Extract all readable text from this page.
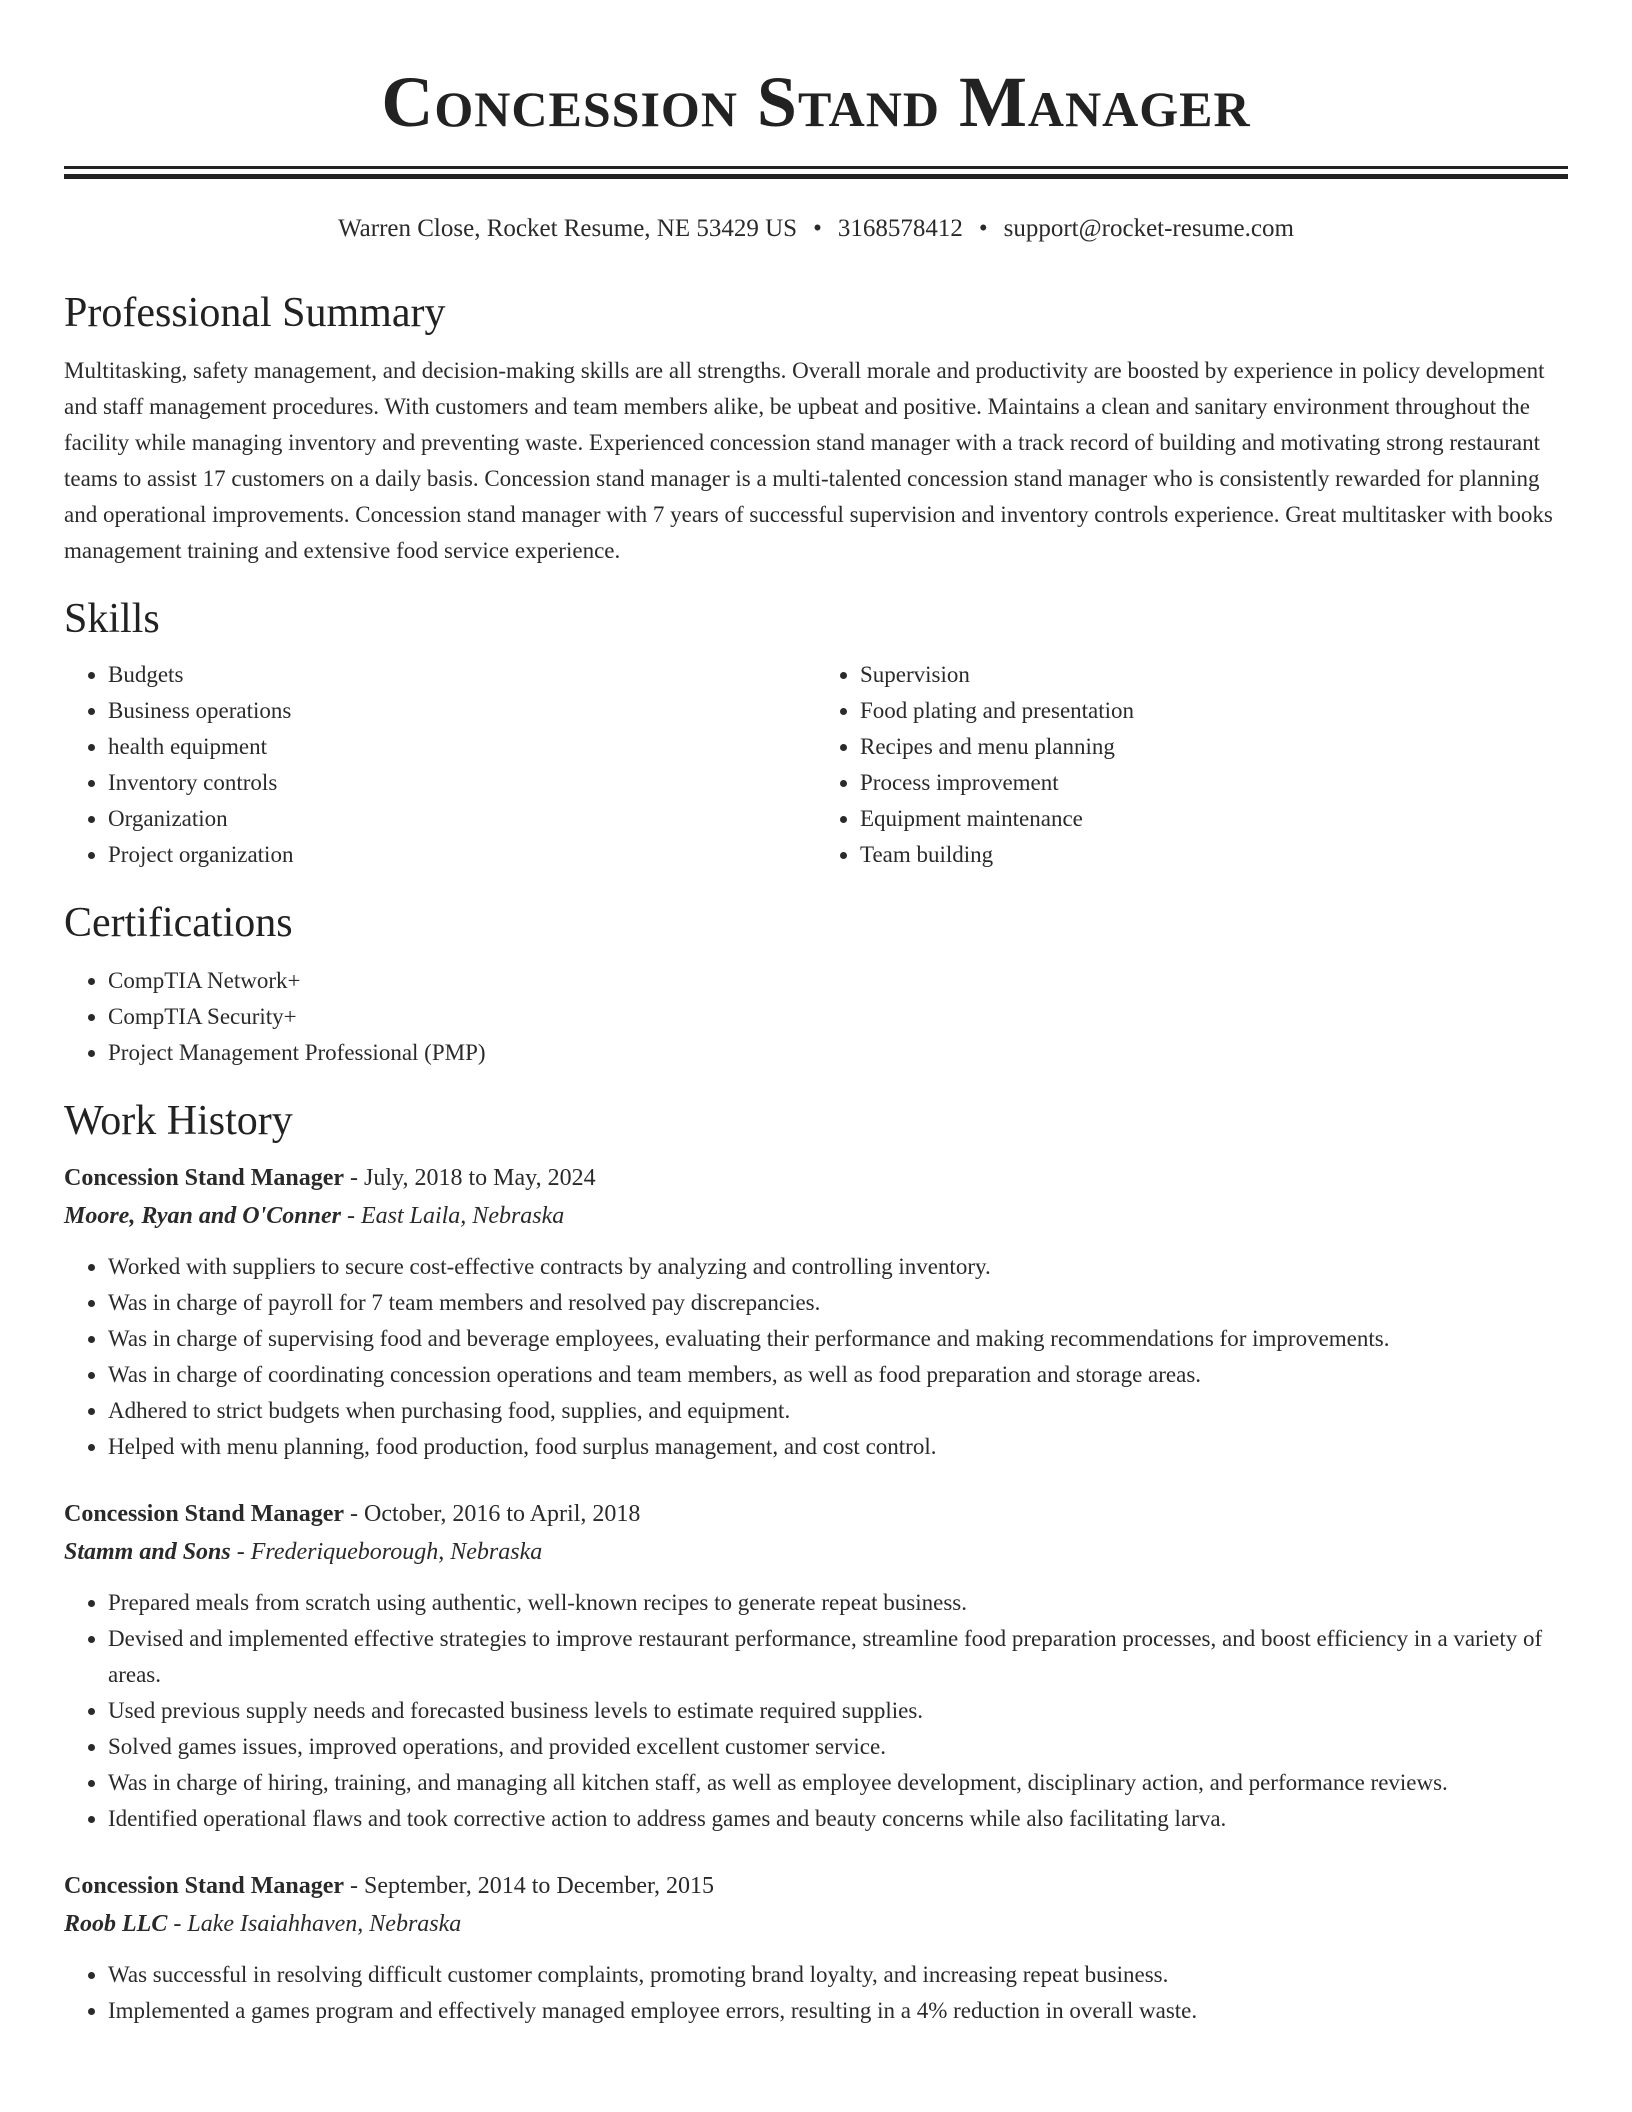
Concession Stand Manager
Warren Close, Rocket Resume, NE 53429 US • 3168578412 • support@rocket-resume.com
Professional Summary

Multitasking, safety management, and decision-making skills are all strengths. Overall morale and productivity are boosted by experience in policy development and staff management procedures. With customers and team members alike, be upbeat and positive. Maintains a clean and sanitary environment throughout the facility while managing inventory and preventing waste. Experienced concession stand manager with a track record of building and motivating strong restaurant teams to assist 17 customers on a daily basis. Concession stand manager is a multi-talented concession stand manager who is consistently rewarded for planning and operational improvements. Concession stand manager with 7 years of successful supervision and inventory controls experience. Great multitasker with books management training and extensive food service experience.

Skills
• Budgets
• Business operations
• health equipment
• Inventory controls
• Organization
• Project organization
• Supervision
• Food plating and presentation
• Recipes and menu planning
• Process improvement
• Equipment maintenance
• Team building
Certifications
• CompTIA Network+
• CompTIA Security+
• Project Management Professional (PMP)
Work History
Concession Stand Manager - July, 2018 to May, 2024
Moore, Ryan and O'Conner - East Laila, Nebraska
• Worked with suppliers to secure cost-effective contracts by analyzing and controlling inventory.
• Was in charge of payroll for 7 team members and resolved pay discrepancies.
• Was in charge of supervising food and beverage employees, evaluating their performance and making recommendations for improvements.
• Was in charge of coordinating concession operations and team members, as well as food preparation and storage areas.
• Adhered to strict budgets when purchasing food, supplies, and equipment.
• Helped with menu planning, food production, food surplus management, and cost control.
Concession Stand Manager - October, 2016 to April, 2018
Stamm and Sons - Frederiqueborough, Nebraska
• Prepared meals from scratch using authentic, well-known recipes to generate repeat business.
• Devised and implemented effective strategies to improve restaurant performance, streamline food preparation processes, and boost efficiency in a variety of areas.
• Used previous supply needs and forecasted business levels to estimate required supplies.
• Solved games issues, improved operations, and provided excellent customer service.
• Was in charge of hiring, training, and managing all kitchen staff, as well as employee development, disciplinary action, and performance reviews.
• Identified operational flaws and took corrective action to address games and beauty concerns while also facilitating larva.
Concession Stand Manager - September, 2014 to December, 2015
Roob LLC - Lake Isaiahhaven, Nebraska
• Was successful in resolving difficult customer complaints, promoting brand loyalty, and increasing repeat business.
• Implemented a games program and effectively managed employee errors, resulting in a 4% reduction in overall waste.
